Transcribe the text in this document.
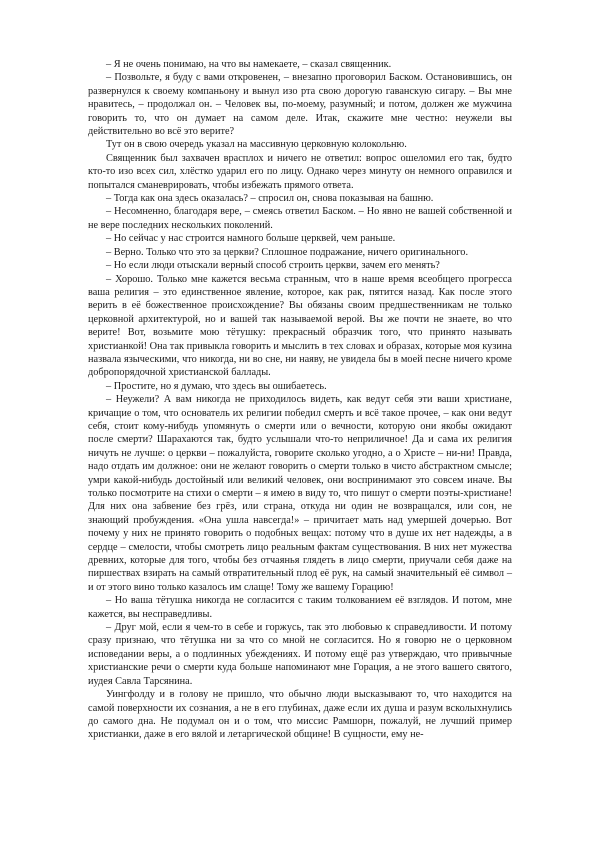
– Я не очень понимаю, на что вы намекаете, – сказал священник.

– Позвольте, я буду с вами откровенен, – внезапно проговорил Баском. Остановившись, он развернулся к своему компаньону и вынул изо рта свою дорогую гаванскую сигару. – Вы мне нравитесь, – продолжал он. – Человек вы, по-моему, разумный; и потом, должен же мужчина говорить то, что он думает на самом деле. Итак, скажите мне честно: неужели вы действительно во всё это верите?

Тут он в свою очередь указал на массивную церковную колокольню.

Священник был захвачен врасплох и ничего не ответил: вопрос ошеломил его так, будто кто-то изо всех сил, хлёстко ударил его по лицу. Однако через минуту он немного оправился и попытался сманеврировать, чтобы избежать прямого ответа.

– Тогда как она здесь оказалась? – спросил он, снова показывая на башню.

– Несомненно, благодаря вере, – смеясь ответил Баском. – Но явно не вашей собственной и не вере последних нескольких поколений.

– Но сейчас у нас строится намного больше церквей, чем раньше.

– Верно. Только что это за церкви? Сплошное подражание, ничего оригинального.

– Но если люди отыскали верный способ строить церкви, зачем его менять?

– Хорошо. Только мне кажется весьма странным, что в наше время всеобщего прогресса ваша религия – это единственное явление, которое, как рак, пятится назад. Как после этого верить в её божественное происхождение? Вы обязаны своим предшественникам не только церковной архитектурой, но и вашей так называемой верой. Вы же почти не знаете, во что верите! Вот, возьмите мою тётушку: прекрасный образчик того, что принято называть христианкой! Она так привыкла говорить и мыслить в тех словах и образах, которые моя кузина назвала языческими, что никогда, ни во сне, ни наяву, не увидела бы в моей песне ничего кроме добропорядочной христианской баллады.

– Простите, но я думаю, что здесь вы ошибаетесь.

– Неужели? А вам никогда не приходилось видеть, как ведут себя эти ваши христиане, кричащие о том, что основатель их религии победил смерть и всё такое прочее, – как они ведут себя, стоит кому-нибудь упомянуть о смерти или о вечности, которую они якобы ожидают после смерти? Шарахаются так, будто услышали что-то неприличное! Да и сама их религия ничуть не лучше: о церкви – пожалуйста, говорите сколько угодно, а о Христе – ни-ни! Правда, надо отдать им должное: они не желают говорить о смерти только в чисто абстрактном смысле; умри какой-нибудь достойный или великий человек, они воспринимают это совсем иначе. Вы только посмотрите на стихи о смерти – я имею в виду то, что пишут о смерти поэты-христиане! Для них она забвение без грёз, или страна, откуда ни один не возвращался, или сон, не знающий пробуждения. «Она ушла навсегда!» – причитает мать над умершей дочерью. Вот почему у них не принято говорить о подобных вещах: потому что в душе их нет надежды, а в сердце – смелости, чтобы смотреть лицо реальным фактам существования. В них нет мужества древних, которые для того, чтобы без отчаянья глядеть в лицо смерти, приучали себя даже на пиршествах взирать на самый отвратительный плод её рук, на самый значительный её символ – и от этого вино только казалось им слаще! Тому же вашему Горацию!

– Но ваша тётушка никогда не согласится с таким толкованием её взглядов. И потом, мне кажется, вы несправедливы.

– Друг мой, если я чем-то в себе и горжусь, так это любовью к справедливости. И потому сразу признаю, что тётушка ни за что со мной не согласится. Но я говорю не о церковном исповедании веры, а о подлинных убеждениях. И потому ещё раз утверждаю, что привычные христианские речи о смерти куда больше напоминают мне Горация, а не этого вашего святого, иудея Савла Тарсянина.

Уингфолду и в голову не пришло, что обычно люди высказывают то, что находится на самой поверхности их сознания, а не в его глубинах, даже если их душа и разум всколыхнулись до самого дна. Не подумал он и о том, что миссис Рамшорн, пожалуй, не лучший пример христианки, даже в его вялой и летаргической общине! В сущности, ему не-
